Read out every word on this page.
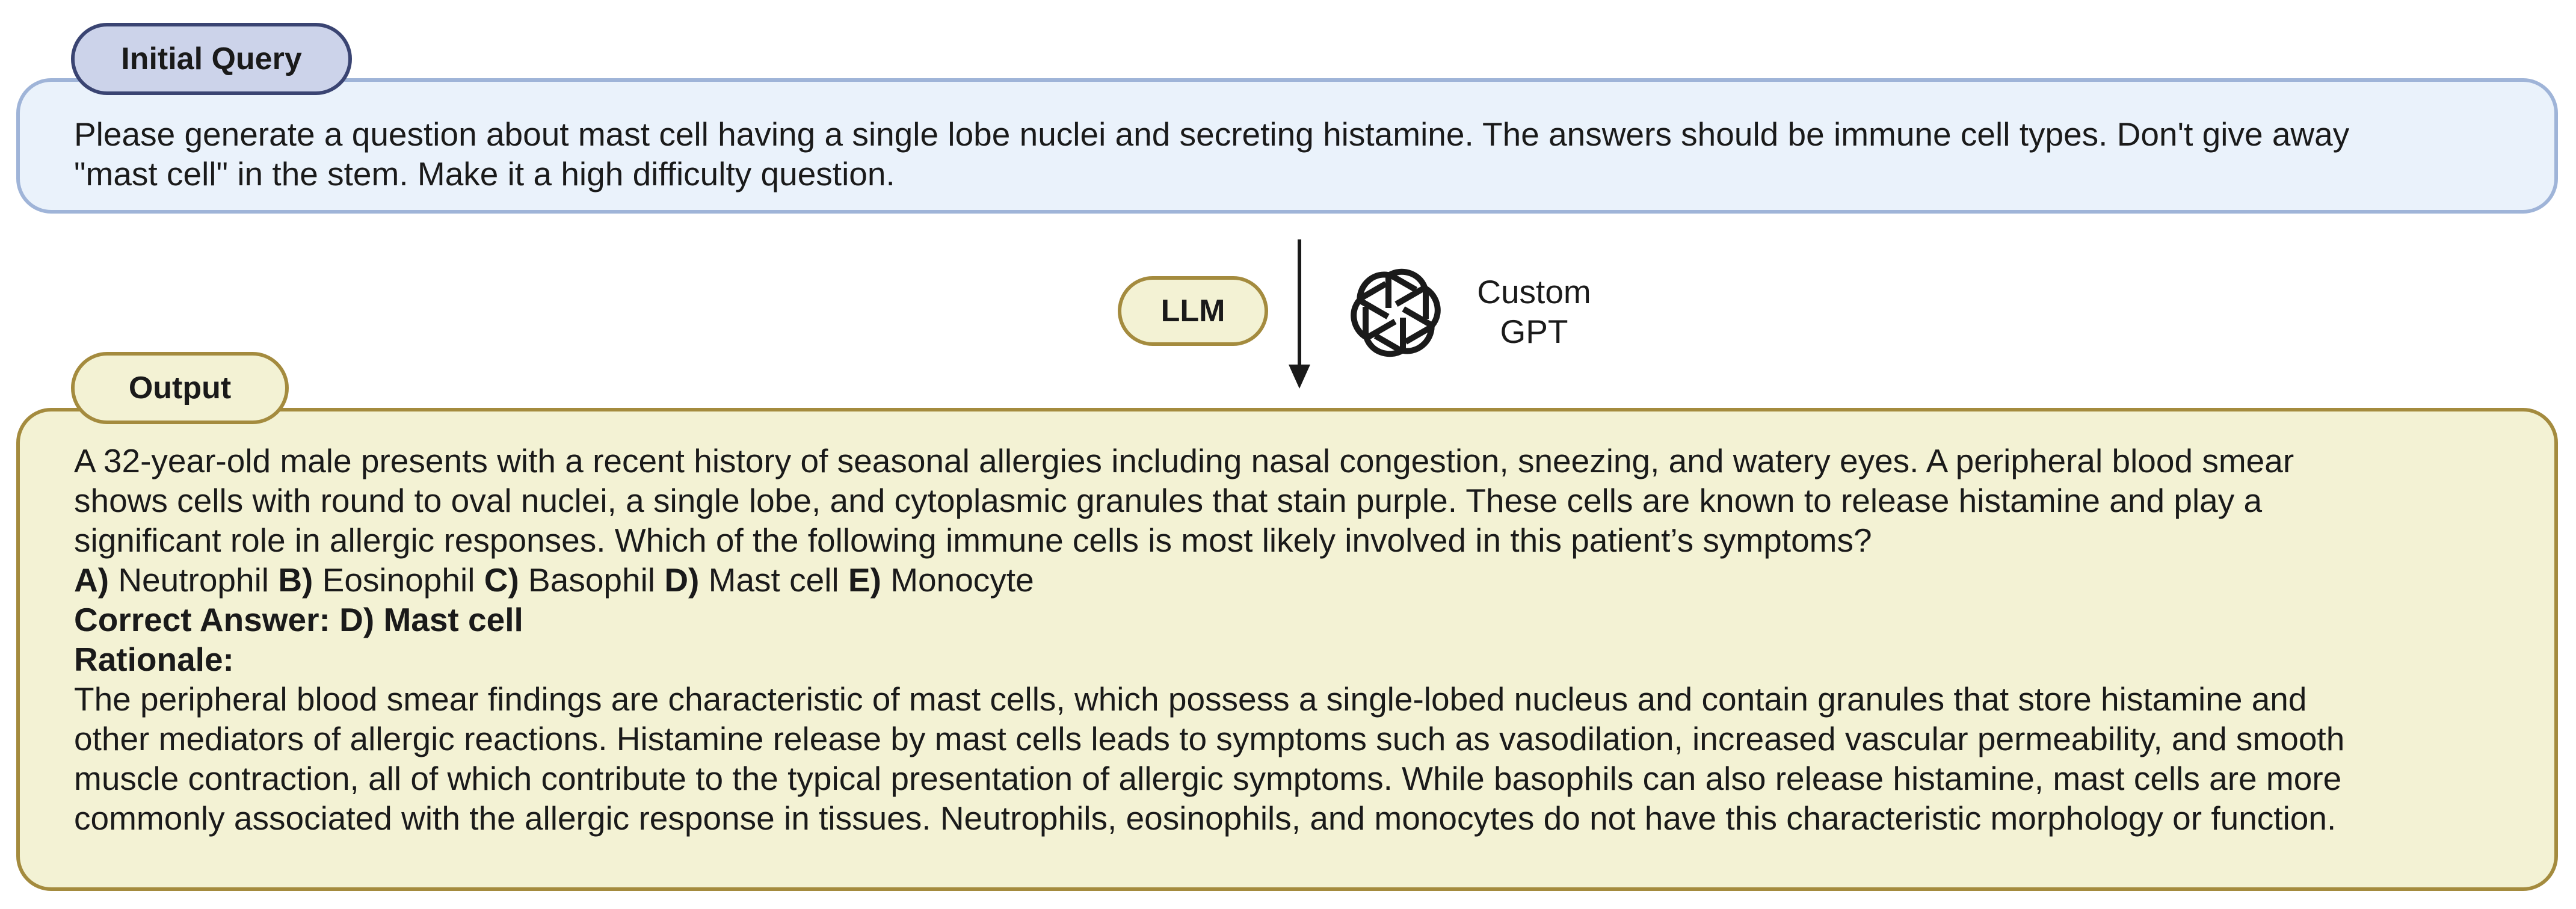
Initial Query
Please generate a question about mast cell having a single lobe nuclei and secreting histamine. The answers should be immune cell types. Don't give away
"mast cell" in the stem. Make it a high difficulty question.
LLM
Custom
GPT
Output
A 32-year-old male presents with a recent history of seasonal allergies including nasal congestion, sneezing, and watery eyes. A peripheral blood smear
shows cells with round to oval nuclei, a single lobe, and cytoplasmic granules that stain purple. These cells are known to release histamine and play a
significant role in allergic responses. Which of the following immune cells is most likely involved in this patient’s symptoms?
A) Neutrophil B) Eosinophil C) Basophil D) Mast cell E) Monocyte
Correct Answer: D) Mast cell
Rationale:
The peripheral blood smear findings are characteristic of mast cells, which possess a single-lobed nucleus and contain granules that store histamine and
other mediators of allergic reactions. Histamine release by mast cells leads to symptoms such as vasodilation, increased vascular permeability, and smooth
muscle contraction, all of which contribute to the typical presentation of allergic symptoms. While basophils can also release histamine, mast cells are more
commonly associated with the allergic response in tissues. Neutrophils, eosinophils, and monocytes do not have this characteristic morphology or function.
